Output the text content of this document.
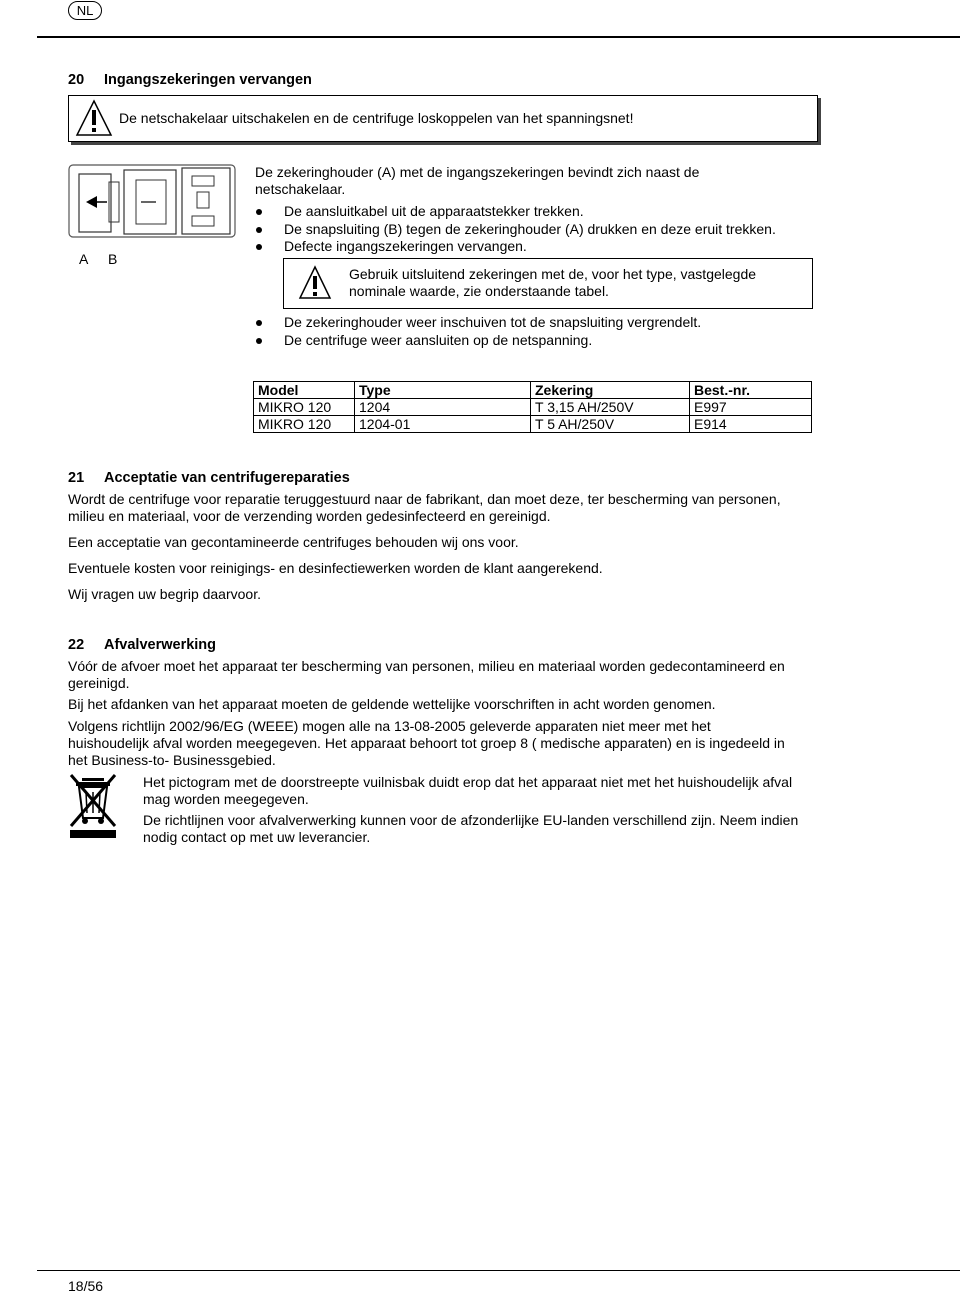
NL
20 Ingangszekeringen vervangen
De netschakelaar uitschakelen en de centrifuge loskoppelen van het spanningsnet!
A B
De zekeringhouder (A) met de ingangszekeringen bevindt zich naast de
netschakelaar.
De aansluitkabel uit de apparaatstekker trekken.
De snapsluiting (B) tegen de zekeringhouder (A) drukken en deze eruit trekken.
Defecte ingangszekeringen vervangen.
Gebruik uitsluitend zekeringen met de, voor het type, vastgelegde
nominale waarde, zie onderstaande tabel.
De zekeringhouder weer inschuiven tot de snapsluiting vergrendelt.
De centrifuge weer aansluiten op de netspanning.
Model	Type	Zekering	Best.-nr.
MIKRO 120	1204	T 3,15 AH/250V	E997
MIKRO 120	1204-01	T 5 AH/250V	E914
21 Acceptatie van centrifugereparaties
Wordt de centrifuge voor reparatie teruggestuurd naar de fabrikant, dan moet deze, ter bescherming van personen,
milieu en materiaal, voor de verzending worden gedesinfecteerd en gereinigd.
Een acceptatie van gecontamineerde centrifuges behouden wij ons voor.
Eventuele kosten voor reinigings- en desinfectiewerken worden de klant aangerekend.
Wij vragen uw begrip daarvoor.
22 Afvalverwerking
Vóór de afvoer moet het apparaat ter bescherming van personen, milieu en materiaal worden gedecontamineerd en
gereinigd.
Bij het afdanken van het apparaat moeten de geldende wettelijke voorschriften in acht worden genomen.
Volgens richtlijn 2002/96/EG (WEEE) mogen alle na 13-08-2005 geleverde apparaten niet meer met het
huishoudelijk afval worden meegegeven. Het apparaat behoort tot groep 8 ( medische apparaten) en is ingedeeld in
het Business-to- Businessgebied.
Het pictogram met de doorstreepte vuilnisbak duidt erop dat het apparaat niet met het huishoudelijk afval
mag worden meegegeven.
De richtlijnen voor afvalverwerking kunnen voor de afzonderlijke EU-landen verschillend zijn. Neem indien
nodig contact op met uw leverancier.
18/56
